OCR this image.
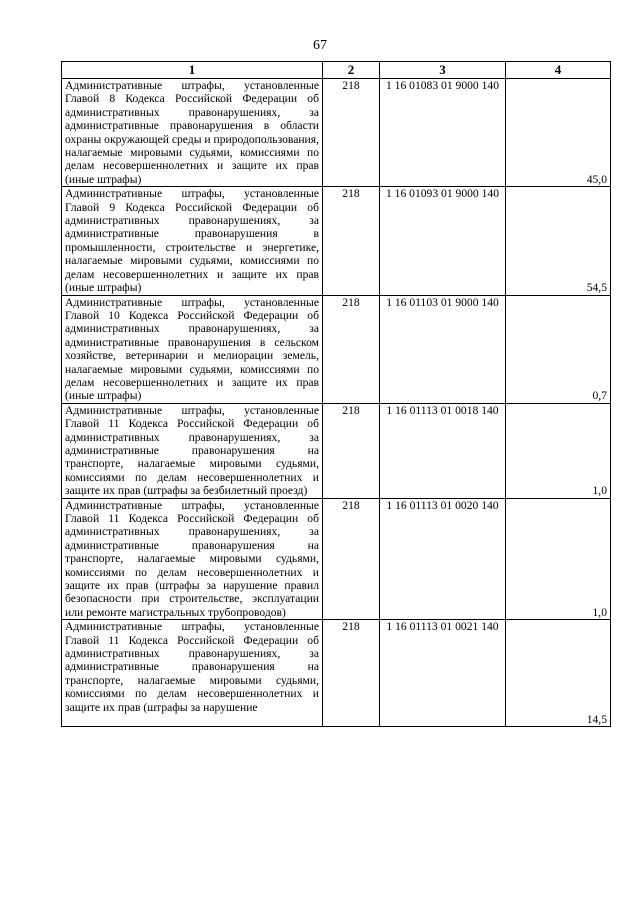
67
1	2	3	4
Административные штрафы, установленные Главой 8 Кодекса Российской Федерации об административных правонарушениях, за административные правонарушения в области охраны окружающей среды и природопользования, налагаемые мировыми судьями, комиссиями по делам несовершеннолетних и защите их прав (иные штрафы)	218	1 16 01083 01 9000 140	45,0
Административные штрафы, установленные Главой 9 Кодекса Российской Федерации об административных правонарушениях, за административные правонарушения в промышленности, строительстве и энергетике, налагаемые мировыми судьями, комиссиями по делам несовершеннолетних и защите их прав (иные штрафы)	218	1 16 01093 01 9000 140	54,5
Административные штрафы, установленные Главой 10 Кодекса Российской Федерации об административных правонарушениях, за административные правонарушения в сельском хозяйстве, ветеринарии и мелиорации земель, налагаемые мировыми судьями, комиссиями по делам несовершеннолетних и защите их прав (иные штрафы)	218	1 16 01103 01 9000 140	0,7
Административные штрафы, установленные Главой 11 Кодекса Российской Федерации об административных правонарушениях, за административные правонарушения на транспорте, налагаемые мировыми судьями, комиссиями по делам несовершеннолетних и защите их прав (штрафы за безбилетный проезд)	218	1 16 01113 01 0018 140	1,0
Административные штрафы, установленные Главой 11 Кодекса Российской Федерации об административных правонарушениях, за административные правонарушения на транспорте, налагаемые мировыми судьями, комиссиями по делам несовершеннолетних и защите их прав (штрафы за нарушение правил безопасности при строительстве, эксплуатации или ремонте магистральных трубопроводов)	218	1 16 01113 01 0020 140	1,0

Административные штрафы, установленные Главой 11 Кодекса Российской Федерации об административных правонарушениях, за административные правонарушения на транспорте, налагаемые мировыми судьями, комиссиями по делам несовершеннолетних и защите их прав (штрафы за нарушение	218	1 16 01113 01 0021 140	14,5
